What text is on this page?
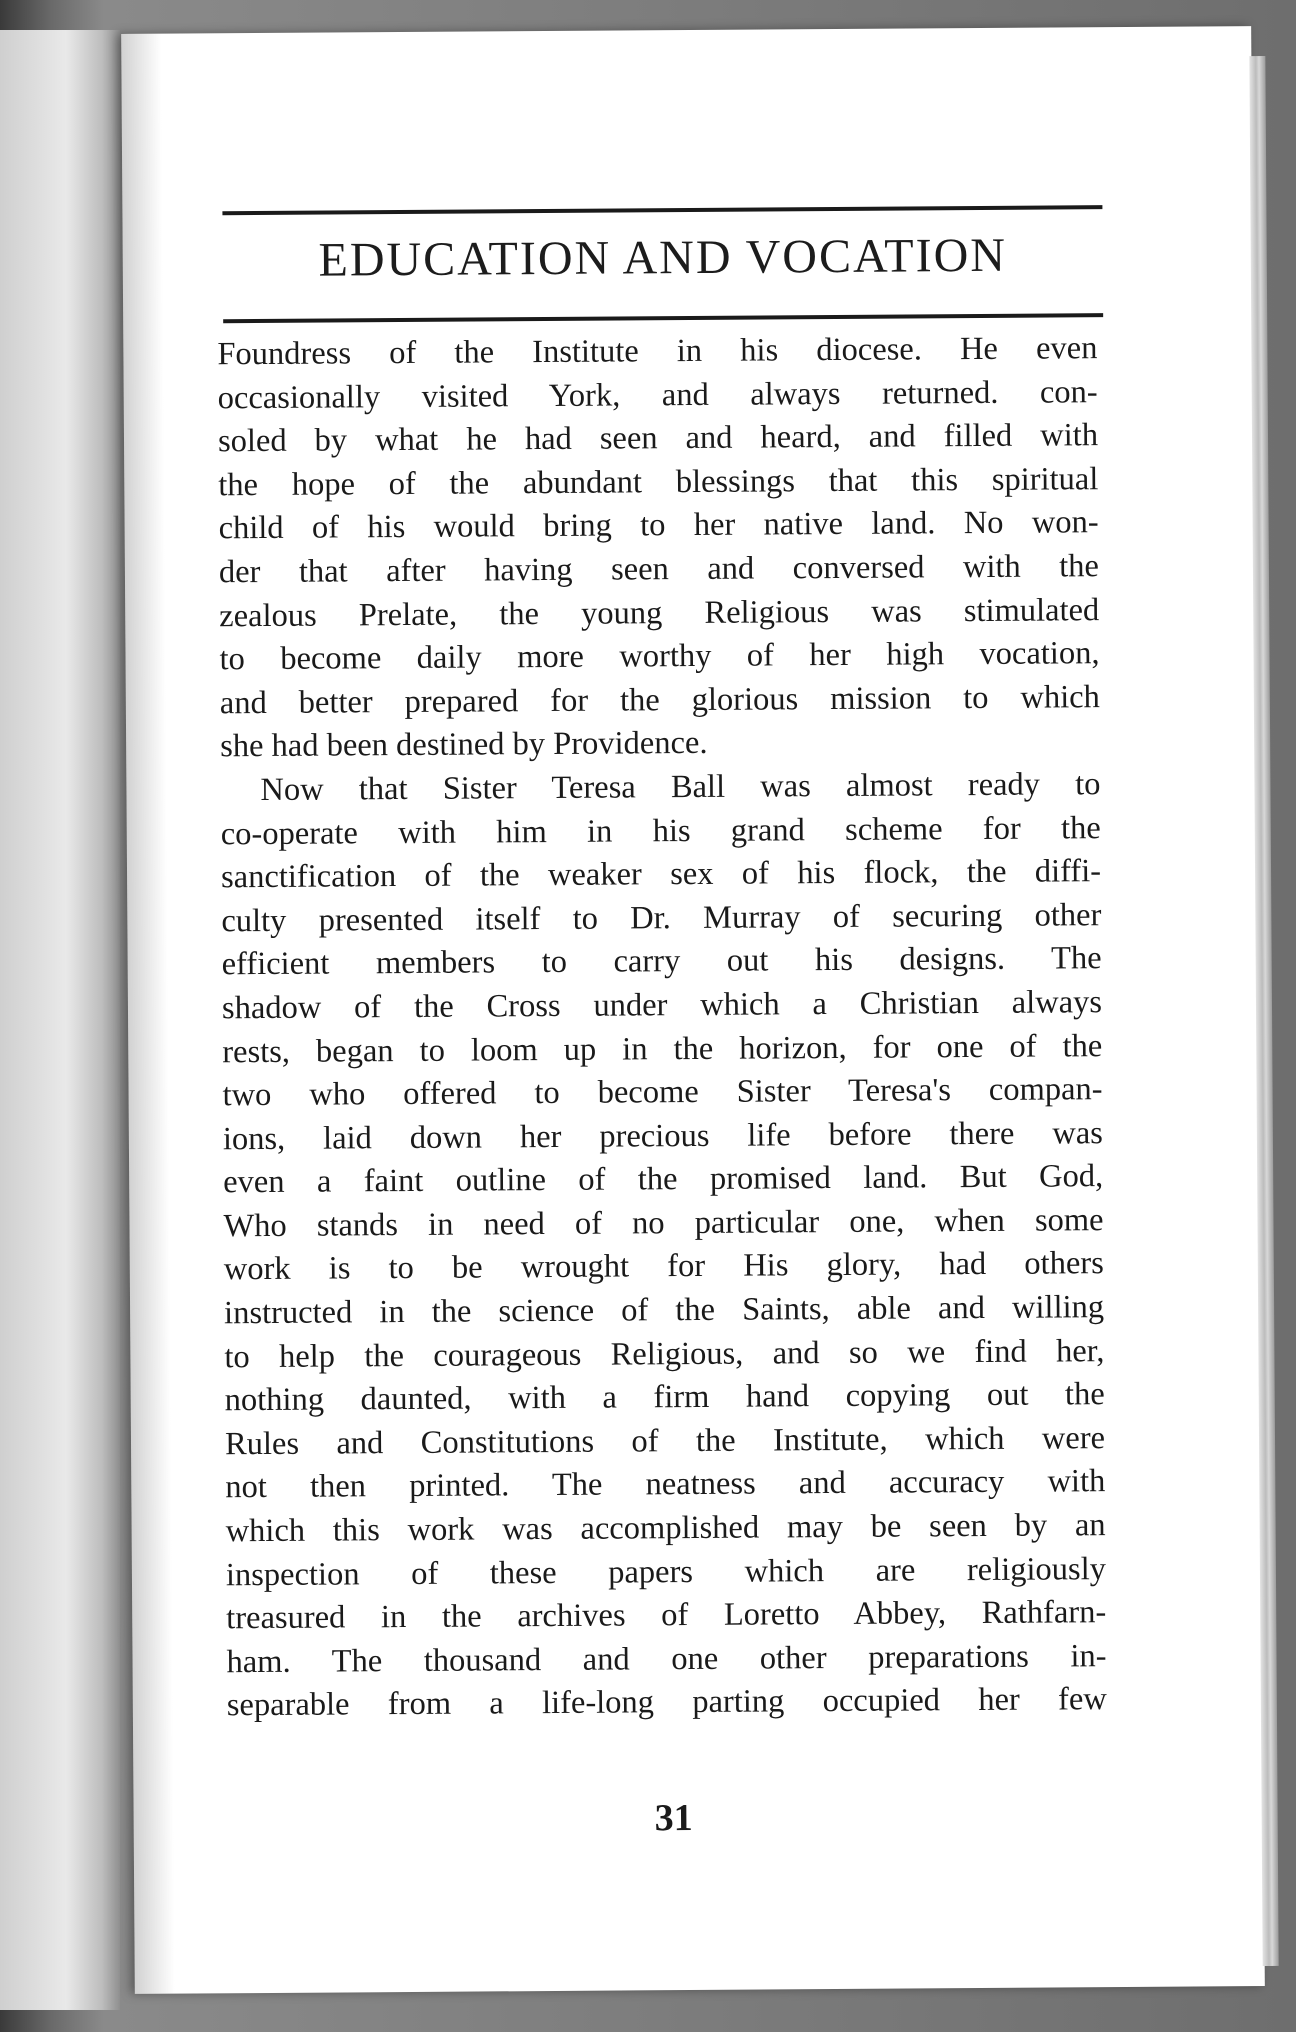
EDUCATION AND VOCATION
Foundress of the Institute in his diocese. He even
occasionally visited York, and always returned. con-
soled by what he had seen and heard, and filled with
the hope of the abundant blessings that this spiritual
child of his would bring to her native land. No won-
der that after having seen and conversed with the
zealous Prelate, the young Religious was stimulated
to become daily more worthy of her high vocation,
and better prepared for the glorious mission to which
she had been destined by Providence.
Now that Sister Teresa Ball was almost ready to
co-operate with him in his grand scheme for the
sanctification of the weaker sex of his flock, the diffi-
culty presented itself to Dr. Murray of securing other
efficient members to carry out his designs. The
shadow of the Cross under which a Christian always
rests, began to loom up in the horizon, for one of the
two who offered to become Sister Teresa's compan-
ions, laid down her precious life before there was
even a faint outline of the promised land. But God,
Who stands in need of no particular one, when some
work is to be wrought for His glory, had others
instructed in the science of the Saints, able and willing
to help the courageous Religious, and so we find her,
nothing daunted, with a firm hand copying out the
Rules and Constitutions of the Institute, which were
not then printed. The neatness and accuracy with
which this work was accomplished may be seen by an
inspection of these papers which are religiously
treasured in the archives of Loretto Abbey, Rathfarn-
ham. The thousand and one other preparations in-
separable from a life-long parting occupied her few
31
